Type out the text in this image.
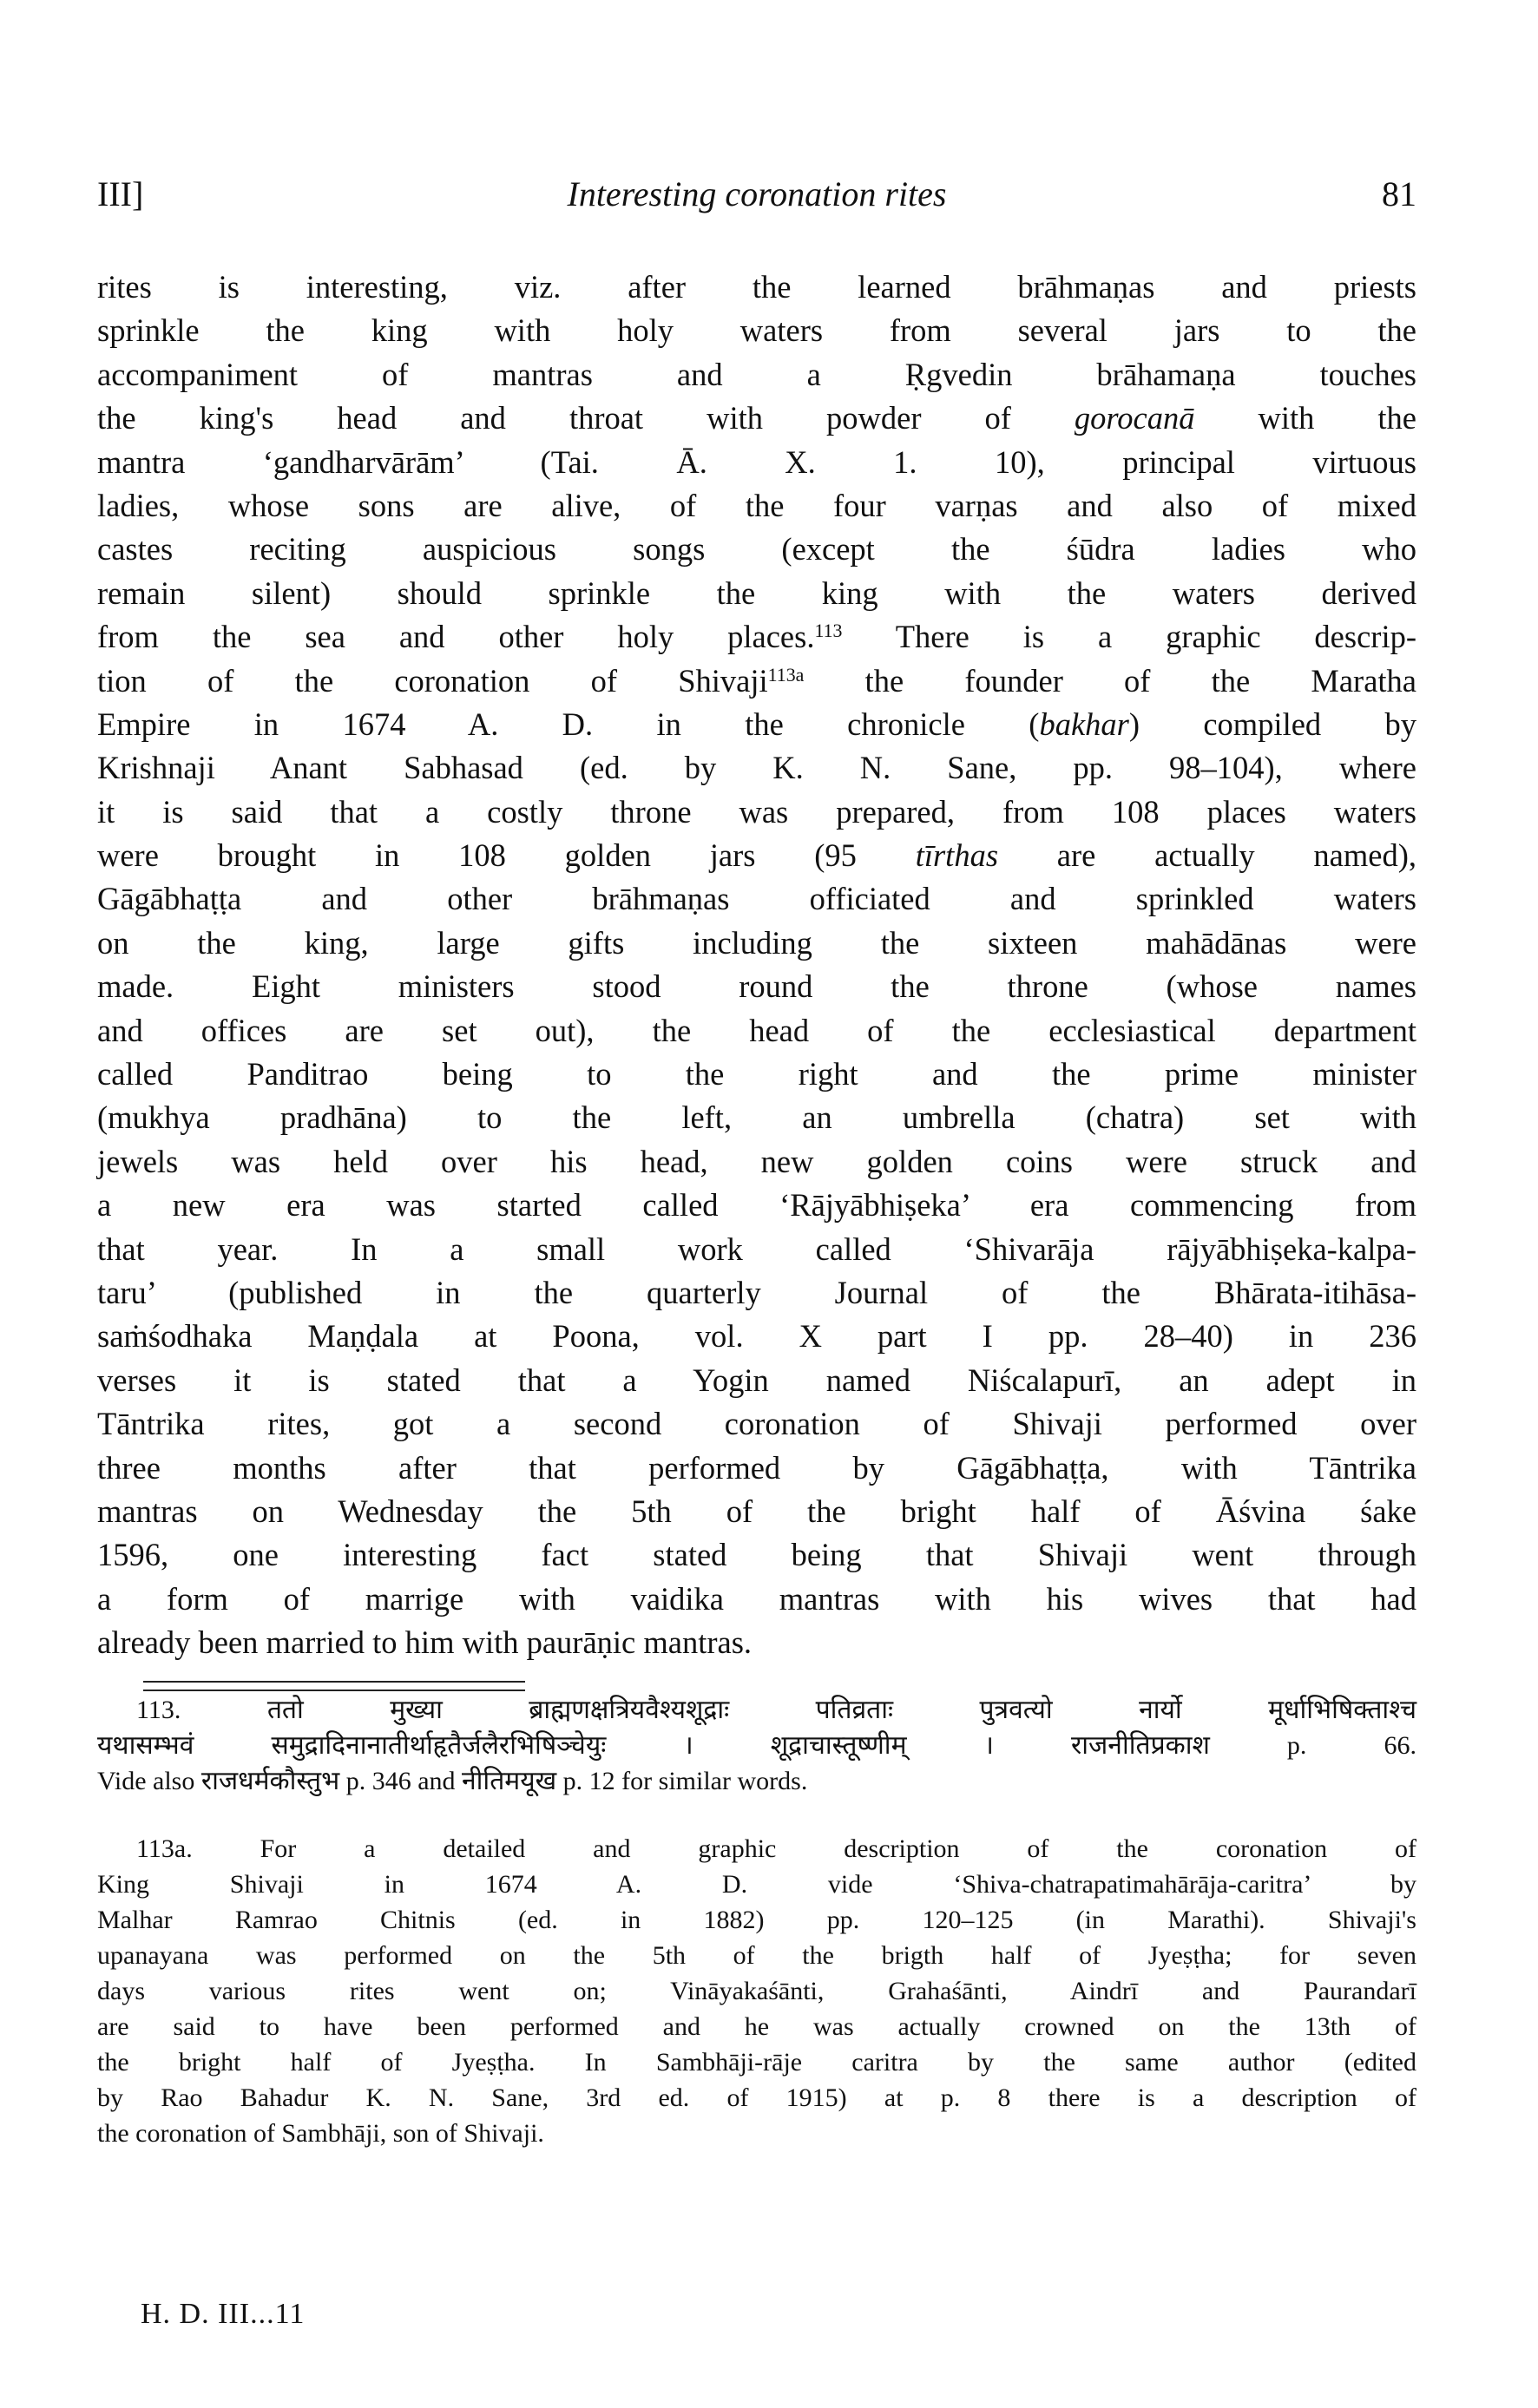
Interesting coronation rites
III]	81
rites is interesting, viz. after the learned brāhmaṇas and priests
sprinkle the king with holy waters from several jars to the
accompaniment of mantras and a Ṛgvedin brāhamaṇa touches
the king's head and throat with powder of gorocanā with the
mantra ‘gandharvārām’ (Tai. Ā. X. 1. 10), principal virtuous
ladies, whose sons are alive, of the four varṇas and also of mixed
castes reciting auspicious songs (except the śūdra ladies who
remain silent) should sprinkle the king with the waters derived
from the sea and other holy places.$^{113}$ There is a graphic descrip-
tion of the coronation of Shivaji$^{113a}$ the founder of the Maratha
Empire in 1674 A. D. in the chronicle (bakhar) compiled by
Krishnaji Anant Sabhasad (ed. by K. N. Sane, pp. 98–104), where
it is said that a costly throne was prepared, from 108 places waters
were brought in 108 golden jars (95 tīrthas are actually named),
Gāgābhaṭṭa and other brāhmaṇas officiated and sprinkled waters
on the king, large gifts including the sixteen mahādānas were
made. Eight ministers stood round the throne (whose names
and offices are set out), the head of the ecclesiastical department
called Panditrao being to the right and the prime minister
(mukhya pradhāna) to the left, an umbrella (chatra) set with
jewels was held over his head, new golden coins were struck and
a new era was started called ‘Rājyābhiṣeka’ era commencing from
that year. In a small work called ‘Shivarāja rājyābhiṣeka-kalpa-
taru’ (published in the quarterly Journal of the Bhārata-itihāsa-
saṁśodhaka Maṇḍala at Poona, vol. X part I pp. 28–40) in 236
verses it is stated that a Yogin named Niścalapurī, an adept in
Tāntrika rites, got a second coronation of Shivaji performed over
three months after that performed by Gāgābhaṭṭa, with Tāntrika
mantras on Wednesday the 5th of the bright half of Āśvina śake
1596, one interesting fact stated being that Shivaji went through
a form of marrige with vaidika mantras with his wives that had
already been married to him with paurāṇic mantras.
113. ततो मुख्या ब्राह्मणक्षत्रियवैश्यशूद्राः पतिव्रताः पुत्रवत्यो नार्यो मूर्धाभिषिक्ताश्च
यथासम्भवं समुद्रादिनानातीर्थाहृतैर्जलैरभिषिञ्चेयुः । शूद्राचास्तूष्णीम् । राजनीतिप्रकाश p. 66.
Vide also राजधर्मकौस्तुभ p. 346 and नीतिमयूख p. 12 for similar words.
113a. For a detailed and graphic description of the coronation of
King Shivaji in 1674 A. D. vide ‘Shiva-chatrapatimahārāja-caritra’ by
Malhar Ramrao Chitnis (ed. in 1882) pp. 120–125 (in Marathi). Shivaji's
upanayana was performed on the 5th of the brigth half of Jyeṣṭha; for seven
days various rites went on; Vināyakaśānti, Grahaśānti, Aindrī and Paurandarī
are said to have been performed and he was actually crowned on the 13th of
the bright half of Jyeṣṭha. In Sambhāji-rāje caritra by the same author (edited
by Rao Bahadur K. N. Sane, 3rd ed. of 1915) at p. 8 there is a description of
the coronation of Sambhāji, son of Shivaji.
H. D. III...11
